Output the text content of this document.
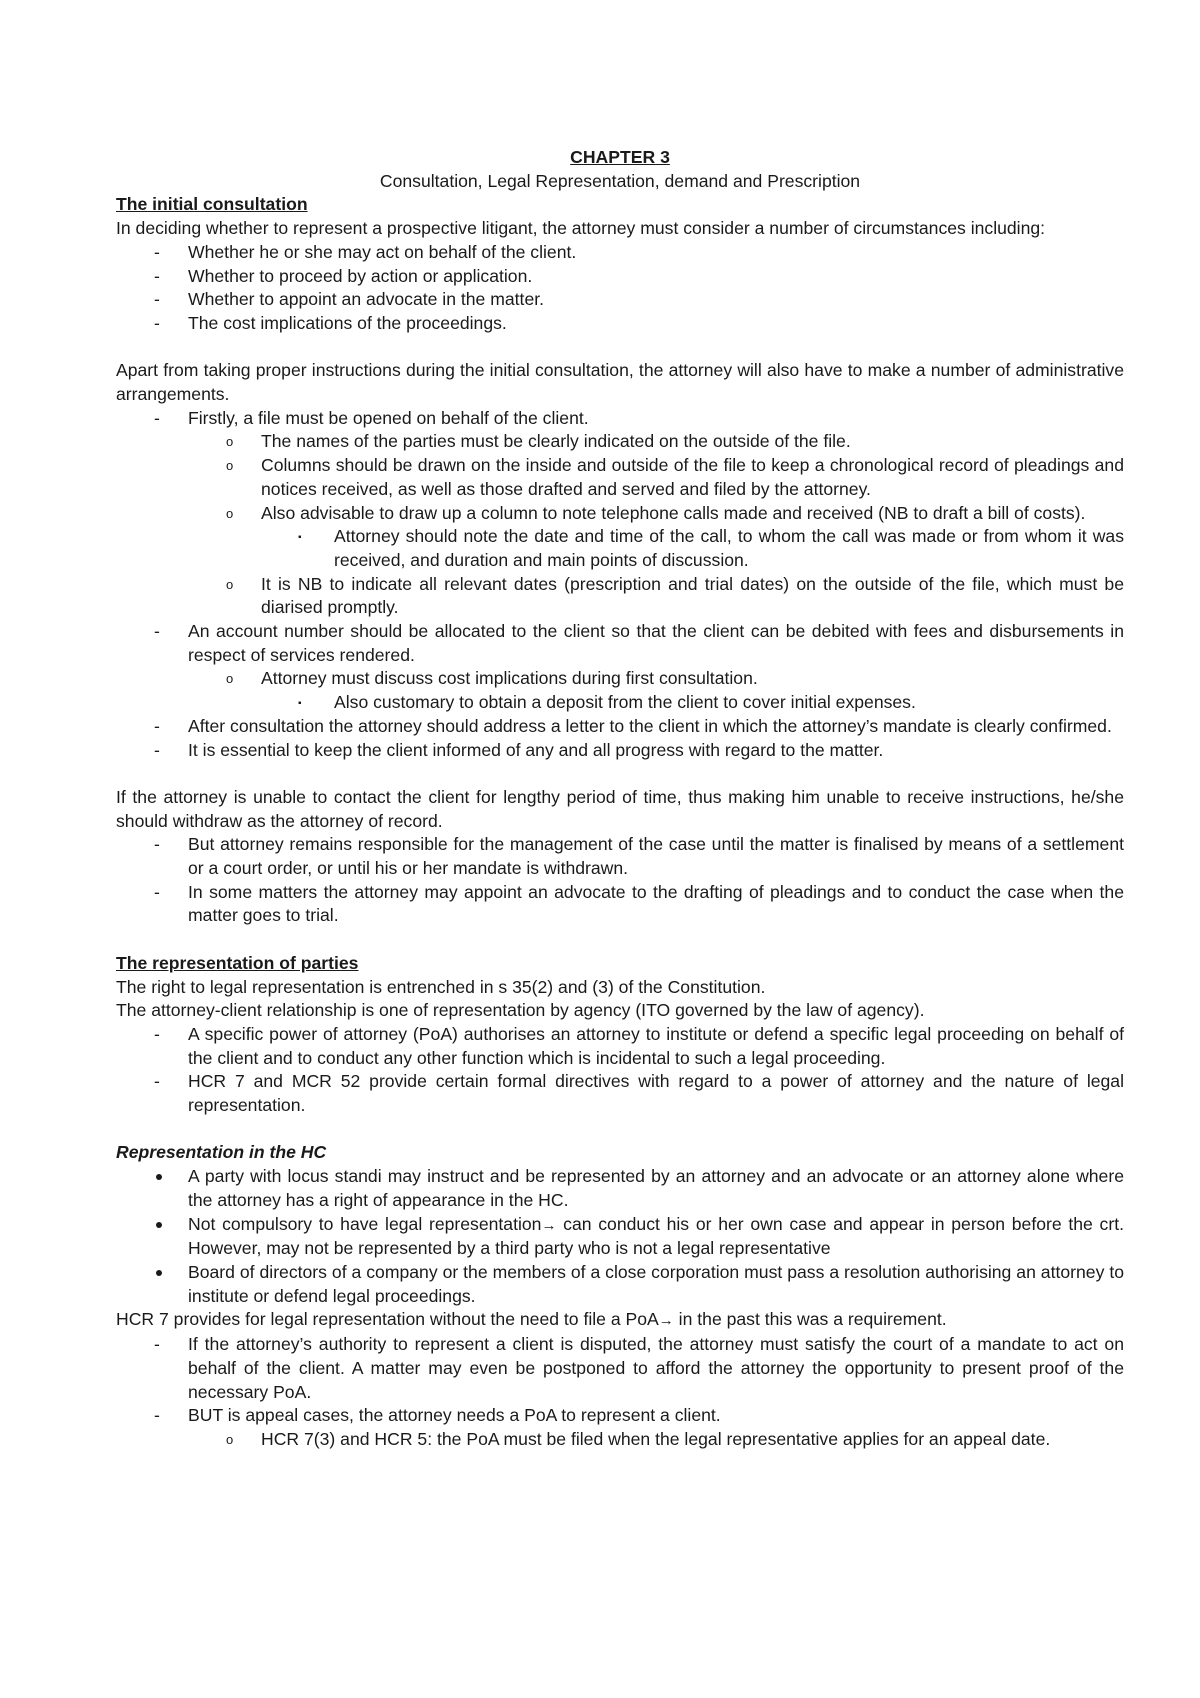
CHAPTER 3
Consultation, Legal Representation, demand and Prescription
The initial consultation
In deciding whether to represent a prospective litigant, the attorney must consider a number of circumstances including:
- Whether he or she may act on behalf of the client.
- Whether to proceed by action or application.
- Whether to appoint an advocate in the matter.
- The cost implications of the proceedings.
Apart from taking proper instructions during the initial consultation, the attorney will also have to make a number of administrative arrangements.
- Firstly, a file must be opened on behalf of the client.
o The names of the parties must be clearly indicated on the outside of the file.
o Columns should be drawn on the inside and outside of the file to keep a chronological record of pleadings and notices received, as well as those drafted and served and filed by the attorney.
o Also advisable to draw up a column to note telephone calls made and received (NB to draft a bill of costs).
▪ Attorney should note the date and time of the call, to whom the call was made or from whom it was received, and duration and main points of discussion.
o It is NB to indicate all relevant dates (prescription and trial dates) on the outside of the file, which must be diarised promptly.
- An account number should be allocated to the client so that the client can be debited with fees and disbursements in respect of services rendered.
o Attorney must discuss cost implications during first consultation.
▪ Also customary to obtain a deposit from the client to cover initial expenses.
- After consultation the attorney should address a letter to the client in which the attorney’s mandate is clearly confirmed.
- It is essential to keep the client informed of any and all progress with regard to the matter.
If the attorney is unable to contact the client for lengthy period of time, thus making him unable to receive instructions, he/she should withdraw as the attorney of record.
- But attorney remains responsible for the management of the case until the matter is finalised by means of a settlement or a court order, or until his or her mandate is withdrawn.
- In some matters the attorney may appoint an advocate to the drafting of pleadings and to conduct the case when the matter goes to trial.
The representation of parties
The right to legal representation is entrenched in s 35(2) and (3) of the Constitution.
The attorney-client relationship is one of representation by agency (ITO governed by the law of agency).
- A specific power of attorney (PoA) authorises an attorney to institute or defend a specific legal proceeding on behalf of the client and to conduct any other function which is incidental to such a legal proceeding.
- HCR 7 and MCR 52 provide certain formal directives with regard to a power of attorney and the nature of legal representation.
Representation in the HC
A party with locus standi may instruct and be represented by an attorney and an advocate or an attorney alone where the attorney has a right of appearance in the HC.
Not compulsory to have legal representation→ can conduct his or her own case and appear in person before the crt. However, may not be represented by a third party who is not a legal representative
Board of directors of a company or the members of a close corporation must pass a resolution authorising an attorney to institute or defend legal proceedings.
HCR 7 provides for legal representation without the need to file a PoA→ in the past this was a requirement.
- If the attorney’s authority to represent a client is disputed, the attorney must satisfy the court of a mandate to act on behalf of the client. A matter may even be postponed to afford the attorney the opportunity to present proof of the necessary PoA.
- BUT is appeal cases, the attorney needs a PoA to represent a client.
o HCR 7(3) and HCR 5: the PoA must be filed when the legal representative applies for an appeal date.
